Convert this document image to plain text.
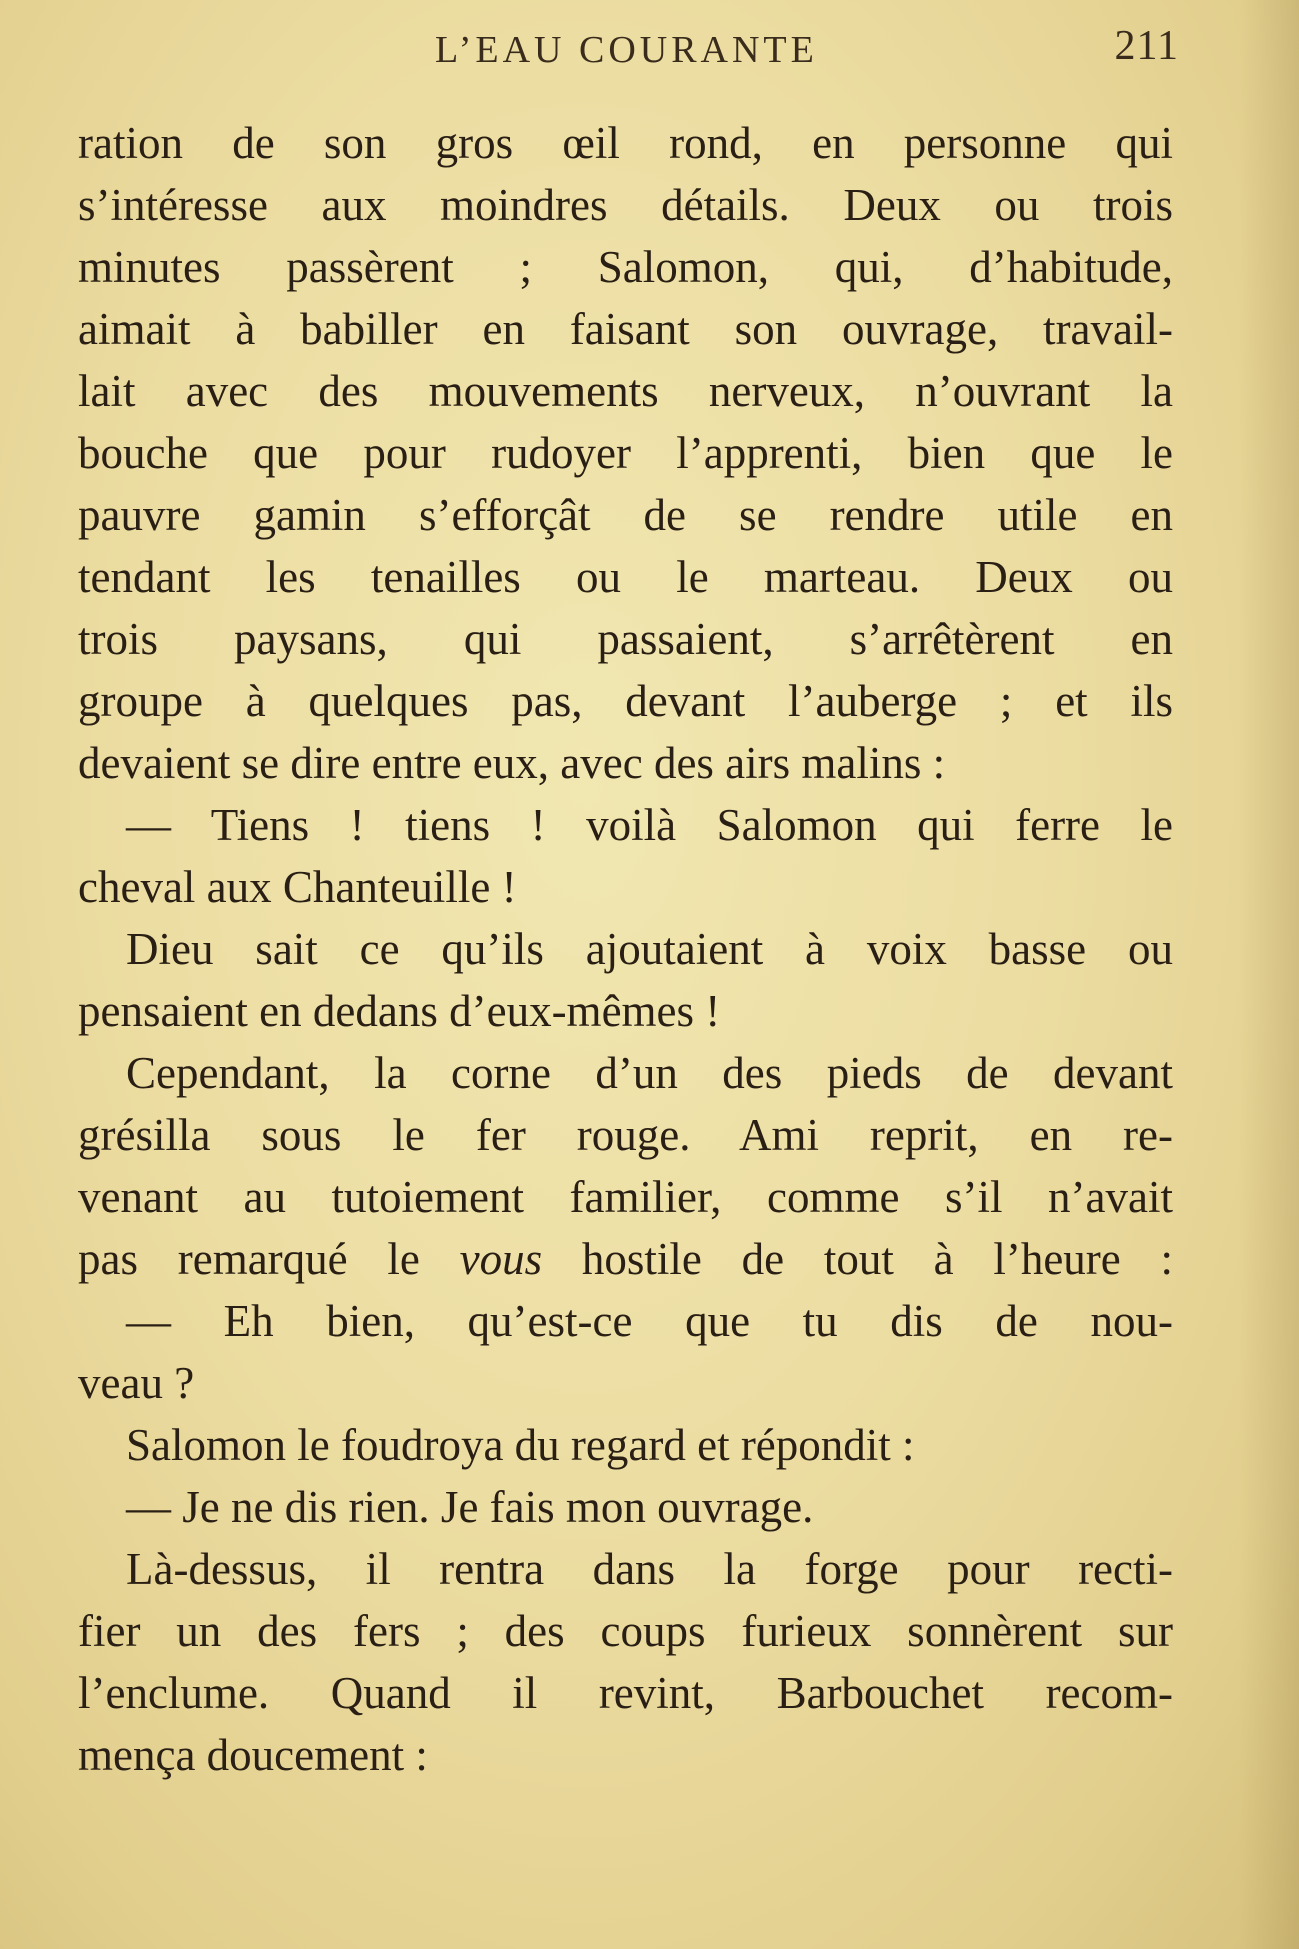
L’EAU COURANTE	211
ration de son gros œil rond, en personne qui
s’intéresse aux moindres détails. Deux ou trois
minutes passèrent ; Salomon, qui, d’habitude,
aimait à babiller en faisant son ouvrage, travail-
lait avec des mouvements nerveux, n’ouvrant la
bouche que pour rudoyer l’apprenti, bien que le
pauvre gamin s’efforçât de se rendre utile en
tendant les tenailles ou le marteau. Deux ou
trois paysans, qui passaient, s’arrêtèrent en
groupe à quelques pas, devant l’auberge ; et ils
devaient se dire entre eux, avec des airs malins :
— Tiens ! tiens ! voilà Salomon qui ferre le
cheval aux Chanteuille !
Dieu sait ce qu’ils ajoutaient à voix basse ou
pensaient en dedans d’eux-mêmes !
Cependant, la corne d’un des pieds de devant
grésilla sous le fer rouge. Ami reprit, en re-
venant au tutoiement familier, comme s’il n’avait
pas remarqué le vous hostile de tout à l’heure :
— Eh bien, qu’est-ce que tu dis de nou-
veau ?
Salomon le foudroya du regard et répondit :
— Je ne dis rien. Je fais mon ouvrage.
Là-dessus, il rentra dans la forge pour recti-
fier un des fers ; des coups furieux sonnèrent sur
l’enclume. Quand il revint, Barbouchet recom-
mença doucement :
